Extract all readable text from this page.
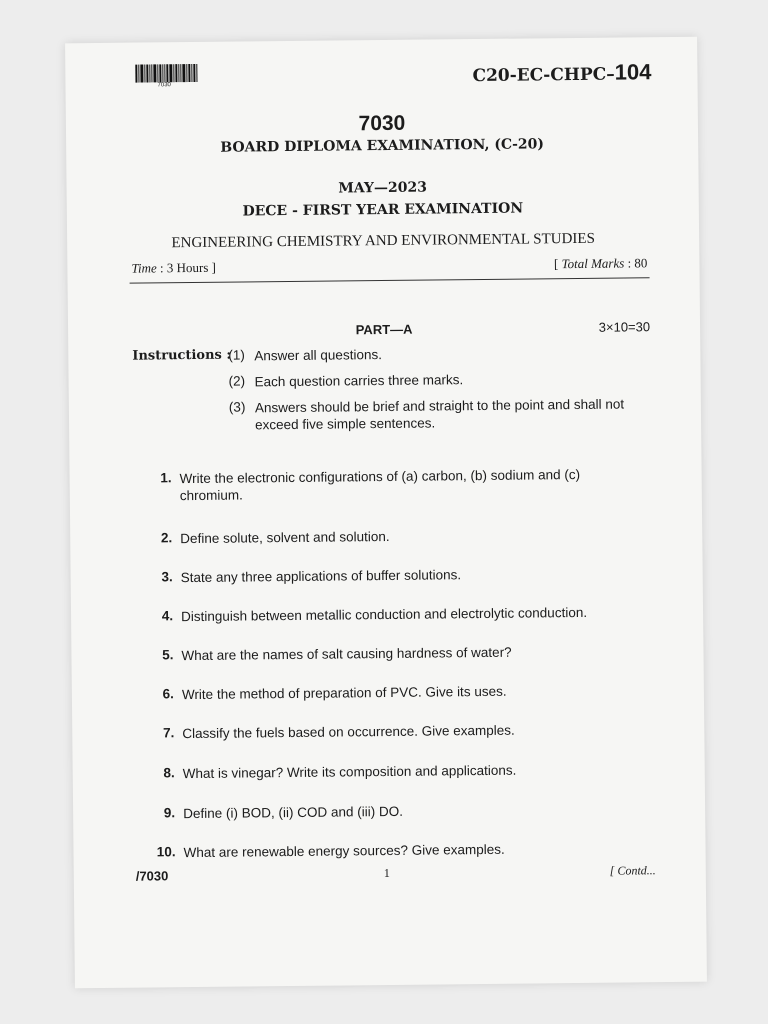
7030	C20-EC-CHPC–104
7030
BOARD DIPLOMA EXAMINATION, (C-20)
MAY—2023
DECE - FIRST YEAR EXAMINATION
ENGINEERING CHEMISTRY AND ENVIRONMENTAL STUDIES
Time : 3 Hours ]	[ Total Marks : 80
PART—A	3×10=30
Instructions :
(1) Answer all questions.
(2) Each question carries three marks.
(3) Answers should be brief and straight to the point and shall not exceed five simple sentences.
1. Write the electronic configurations of (a) carbon, (b) sodium and (c) chromium.
2. Define solute, solvent and solution.
3. State any three applications of buffer solutions.
4. Distinguish between metallic conduction and electrolytic conduction.
5. What are the names of salt causing hardness of water?
6. Write the method of preparation of PVC. Give its uses.
7. Classify the fuels based on occurrence. Give examples.
8. What is vinegar? Write its composition and applications.
9. Define (i) BOD, (ii) COD and (iii) DO.
10. What are renewable energy sources? Give examples.
/7030	1	[ Contd...
